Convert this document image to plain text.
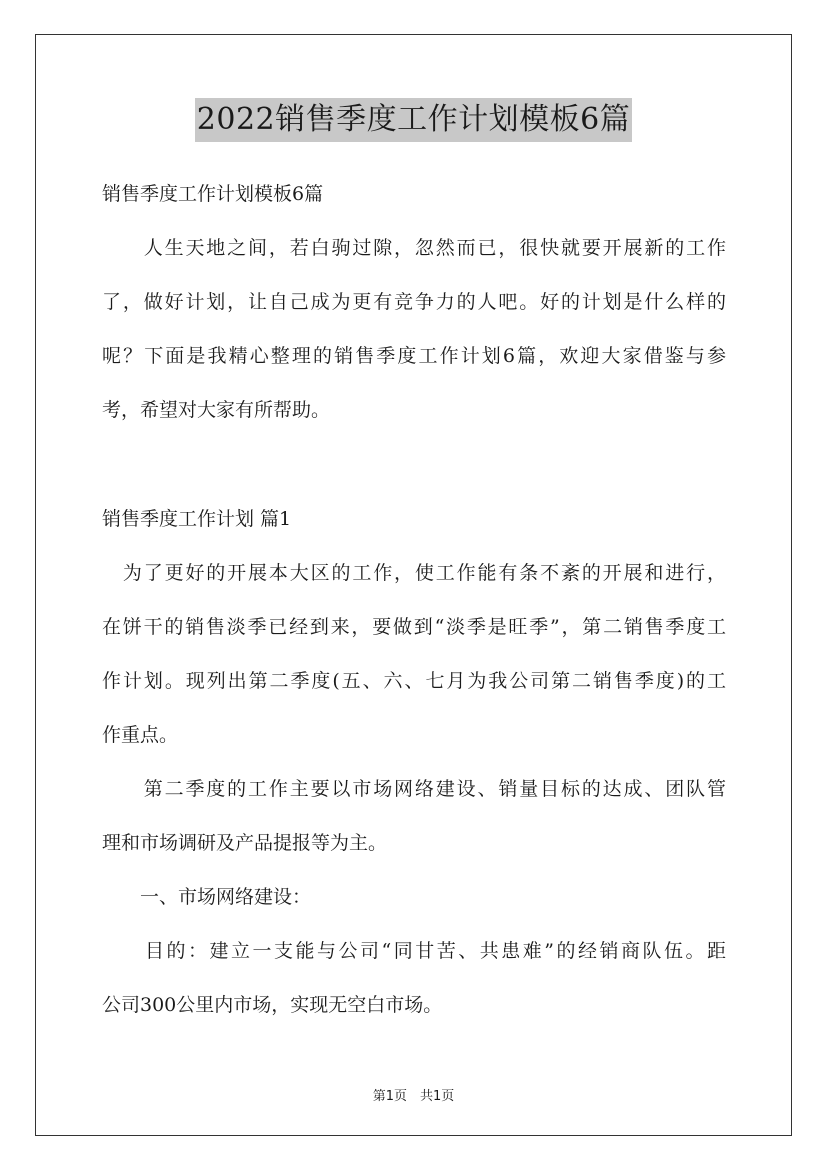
2022销售季度工作计划模板6篇
销售季度工作计划模板6篇
　　人生天地之间，若白驹过隙，忽然而已，很快就要开展新的工作
了，做好计划，让自己成为更有竞争力的人吧。好的计划是什么样的
呢？下面是我精心整理的销售季度工作计划6篇，欢迎大家借鉴与参
考，希望对大家有所帮助。
销售季度工作计划 篇1
　为了更好的开展本大区的工作，使工作能有条不紊的开展和进行，
在饼干的销售淡季已经到来，要做到“淡季是旺季”，第二销售季度工
作计划。现列出第二季度(五、六、七月为我公司第二销售季度)的工
作重点。
　　第二季度的工作主要以市场网络建设、销量目标的达成、团队管
理和市场调研及产品提报等为主。
　　一、市场网络建设：
　　目的：建立一支能与公司“同甘苦、共患难”的经销商队伍。距
公司300公里内市场，实现无空白市场。
第1页　共1页
